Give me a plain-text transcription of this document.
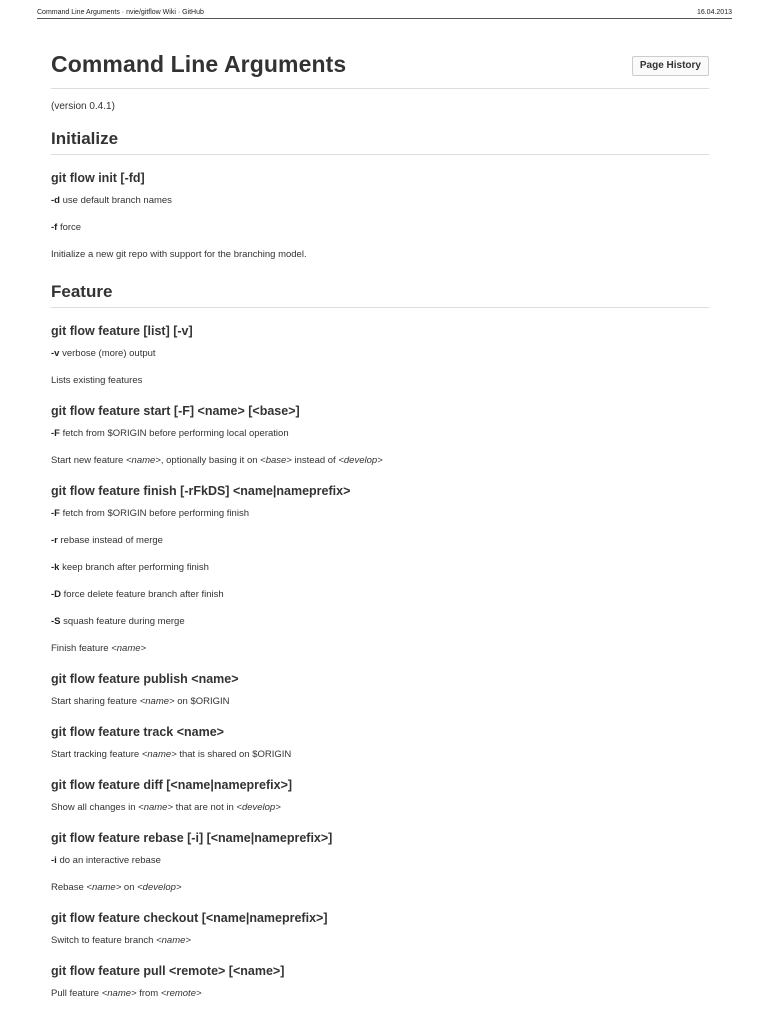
Command Line Arguments · nvie/gitflow Wiki · GitHub	16.04.2013
Command Line Arguments	Page History

(version 0.4.1)

Initialize
git flow init [-fd]

-d use default branch names

-f force

Initialize a new git repo with support for the branching model.

Feature
git flow feature [list] [-v]

-v verbose (more) output

Lists existing features

git flow feature start [-F] <name> [<base>]

-F fetch from $ORIGIN before performing local operation

Start new feature <name>, optionally basing it on <base> instead of <develop>

git flow feature finish [-rFkDS] <name|nameprefix>

-F fetch from $ORIGIN before performing finish

-r rebase instead of merge

-k keep branch after performing finish

-D force delete feature branch after finish

-S squash feature during merge

Finish feature <name>

git flow feature publish <name>

Start sharing feature <name> on $ORIGIN

git flow feature track <name>

Start tracking feature <name> that is shared on $ORIGIN

git flow feature diff [<name|nameprefix>]

Show all changes in <name> that are not in <develop>

git flow feature rebase [-i] [<name|nameprefix>]

-i do an interactive rebase

Rebase <name> on <develop>

git flow feature checkout [<name|nameprefix>]

Switch to feature branch <name>

git flow feature pull <remote> [<name>]

Pull feature <name> from <remote>
